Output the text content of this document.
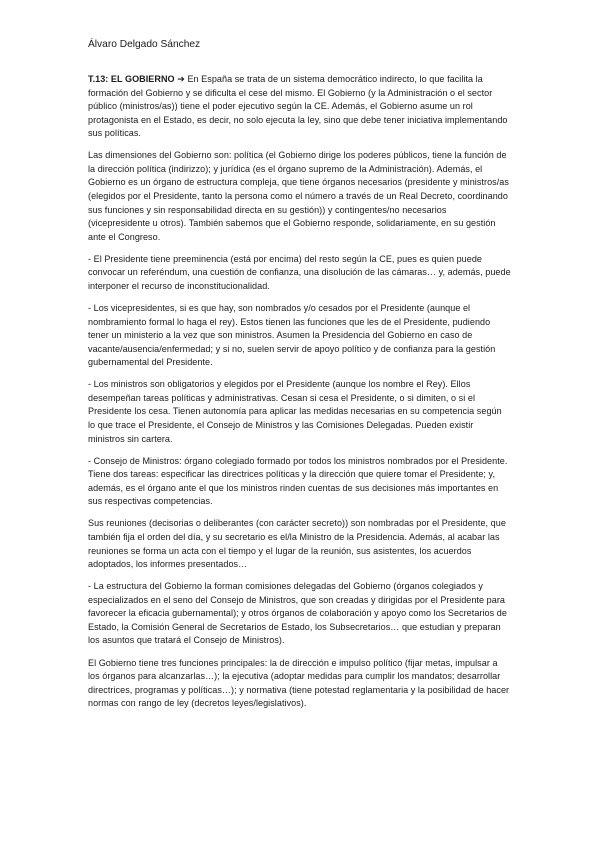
Álvaro Delgado Sánchez

T.13: EL GOBIERNO ➔ En España se trata de un sistema democrático indirecto, lo que facilita la formación del Gobierno y se dificulta el cese del mismo. El Gobierno (y la Administración o el sector público (ministros/as)) tiene el poder ejecutivo según la CE. Además, el Gobierno asume un rol protagonista en el Estado, es decir, no solo ejecuta la ley, sino que debe tener iniciativa implementando sus políticas.

Las dimensiones del Gobierno son: política (el Gobierno dirige los poderes públicos, tiene la función de la dirección política (indirizzo); y jurídica (es el órgano supremo de la Administración). Además, el Gobierno es un órgano de estructura compleja, que tiene órganos necesarios (presidente y ministros/as (elegidos por el Presidente, tanto la persona como el número a través de un Real Decreto, coordinando sus funciones y sin responsabilidad directa en su gestión)) y contingentes/no necesarios (vicepresidente u otros). También sabemos que el Gobierno responde, solidariamente, en su gestión ante el Congreso.

- El Presidente tiene preeminencia (está por encima) del resto según la CE, pues es quien puede convocar un referéndum, una cuestión de confianza, una disolución de las cámaras… y, además, puede interponer el recurso de inconstitucionalidad.

- Los vicepresidentes, si es que hay, son nombrados y/o cesados por el Presidente (aunque el nombramiento formal lo haga el rey). Estos tienen las funciones que les de el Presidente, pudiendo tener un ministerio a la vez que son ministros. Asumen la Presidencia del Gobierno en caso de vacante/ausencia/enfermedad; y si no, suelen servir de apoyo político y de confianza para la gestión gubernamental del Presidente.

- Los ministros son obligatorios y elegidos por el Presidente (aunque los nombre el Rey). Ellos desempeñan tareas políticas y administrativas. Cesan si cesa el Presidente, o si dimiten, o si el Presidente los cesa. Tienen autonomía para aplicar las medidas necesarias en su competencia según lo que trace el Presidente, el Consejo de Ministros y las Comisiones Delegadas. Pueden existir ministros sin cartera.

- Consejo de Ministros: órgano colegiado formado por todos los ministros nombrados por el Presidente. Tiene dos tareas: especificar las directrices políticas y la dirección que quiere tomar el Presidente; y, además, es el órgano ante el que los ministros rinden cuentas de sus decisiones más importantes en sus respectivas competencias.

Sus reuniones (decisorias o deliberantes (con carácter secreto)) son nombradas por el Presidente, que también fija el orden del día, y su secretario es el/la Ministro de la Presidencia. Además, al acabar las reuniones se forma un acta con el tiempo y el lugar de la reunión, sus asistentes, los acuerdos adoptados, los informes presentados…

- La estructura del Gobierno la forman comisiones delegadas del Gobierno (órganos colegiados y especializados en el seno del Consejo de Ministros, que son creadas y dirigidas por el Presidente para favorecer la eficacia gubernamental); y otros órganos de colaboración y apoyo como los Secretarios de Estado, la Comisión General de Secretarios de Estado, los Subsecretarios… que estudian y preparan los asuntos que tratará el Consejo de Ministros).

El Gobierno tiene tres funciones principales: la de dirección e impulso político (fijar metas, impulsar a los órganos para alcanzarlas…); la ejecutiva (adoptar medidas para cumplir los mandatos; desarrollar directrices, programas y políticas…); y normativa (tiene potestad reglamentaria y la posibilidad de hacer normas con rango de ley (decretos leyes/legislativos).
